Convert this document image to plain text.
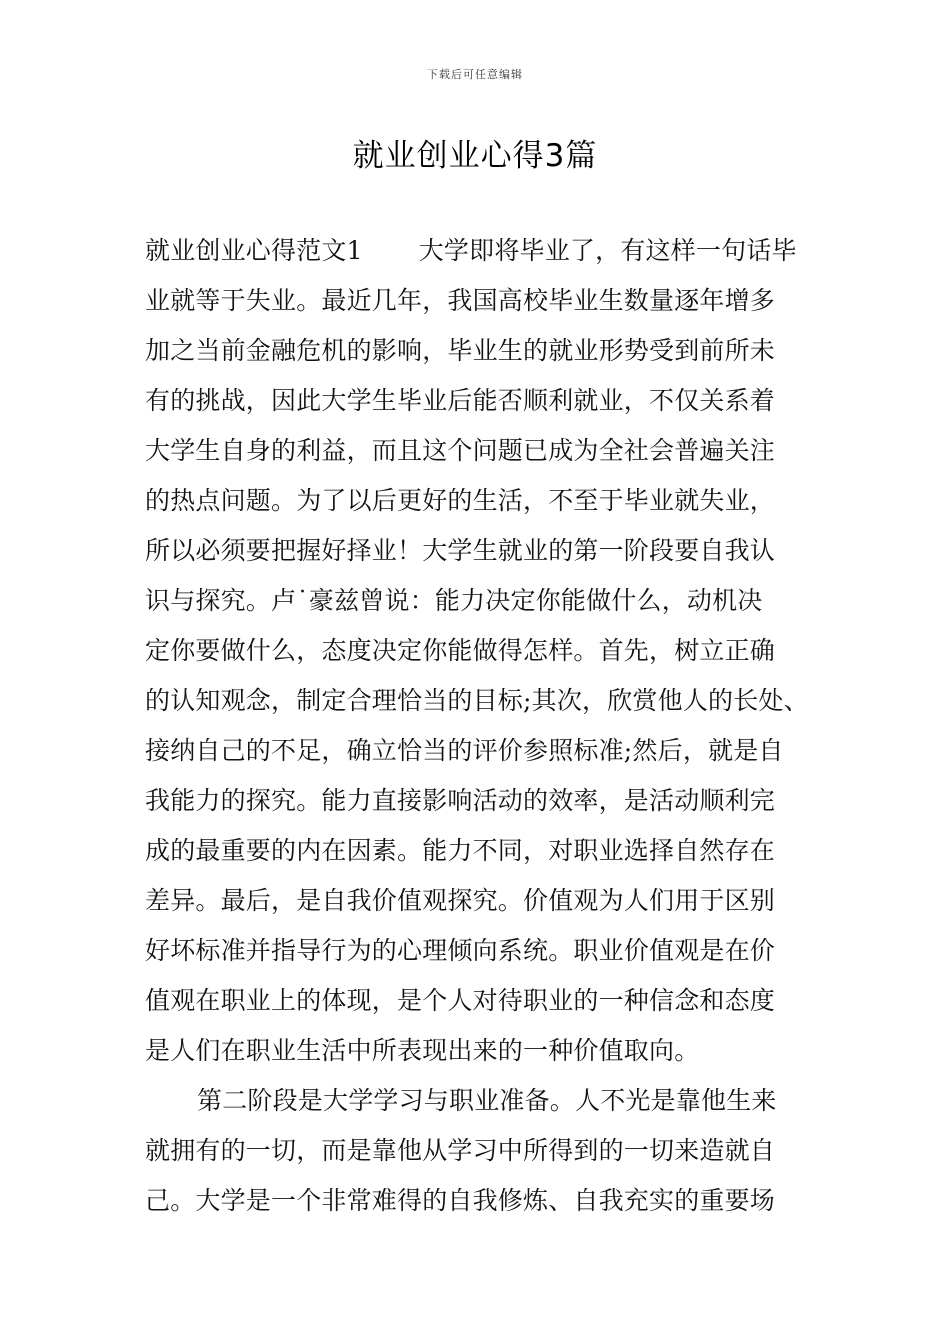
下载后可任意编辑
就业创业心得3篇
就业创业心得范文1 大学即将毕业了，有这样一句话毕
业就等于失业。最近几年，我国高校毕业生数量逐年增多
加之当前金融危机的影响，毕业生的就业形势受到前所未
有的挑战，因此大学生毕业后能否顺利就业，不仅关系着
大学生自身的利益，而且这个问题已成为全社会普遍关注
的热点问题。为了以后更好的生活，不至于毕业就失业，
所以必须要把握好择业！大学生就业的第一阶段要自我认
识与探究。卢˙豪兹曾说：能力决定你能做什么，动机决
定你要做什么，态度决定你能做得怎样。首先，树立正确
的认知观念，制定合理恰当的目标;其次，欣赏他人的长处、
接纳自己的不足，确立恰当的评价参照标准;然后，就是自
我能力的探究。能力直接影响活动的效率，是活动顺利完
成的最重要的内在因素。能力不同，对职业选择自然存在
差异。最后，是自我价值观探究。价值观为人们用于区别
好坏标准并指导行为的心理倾向系统。职业价值观是在价
值观在职业上的体现，是个人对待职业的一种信念和态度
是人们在职业生活中所表现出来的一种价值取向。
第二阶段是大学学习与职业准备。人不光是靠他生来
就拥有的一切，而是靠他从学习中所得到的一切来造就自
己。大学是一个非常难得的自我修炼、自我充实的重要场
